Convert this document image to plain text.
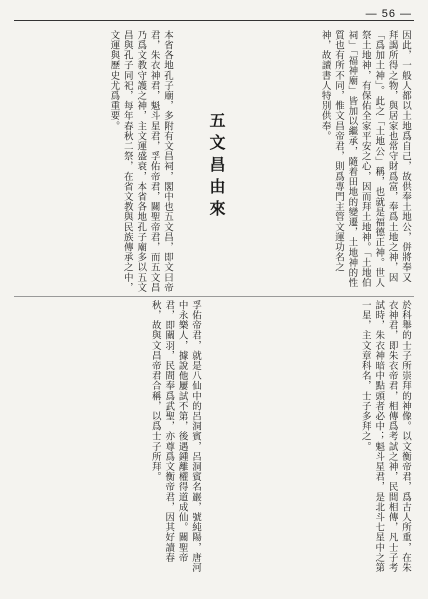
— 56 —
因此，一般人都以土地爲自己，故供奉土地公，併將奉又拜謁所得之物，與居家也常守財爲富，奉爲土地之神，因「爲加土神」。此之「土地公」稱，也就是福德正神。世人祭土地神，有保佑全家平安之心，因而拜土地神。「土地伯祠」「福神廟」皆加以繼承，隨着田地的變遷，土地神的性質也有所不同，惟文昌帝君，則爲專門主管文運功名之神，故讀書人特別供奉。
五文昌由來
本省各地孔子廟，多附有文昌祠，閣中也五文昌，即文曰帝君，朱衣神君，魁斗星君，孚佑帝君，關聖帝君，而五文昌乃爲文教守護之神，主文運盛衰，本省各地孔子廟多以五文昌與孔子同祀，每年春秋二祭，在省文教與民族傳承之中，文運與歷史尤爲重要。
於科舉的士子所崇拜的神像。以文衡帝君，爲古人所重，在朱衣神君，即朱衣帝君，相傳爲考試之神，民間相傳，凡士子考試時，朱衣神暗中點頭者必中；魁斗星君，是北斗七星中之第一星，主文章科名，士子多拜之。
孚佑帝君，就是八仙中的呂洞賓，呂洞賓名巖，號純陽，唐河中永樂人，據說他屢試不第，後遇鍾離權得道成仙。關聖帝君，即關羽，民間奉爲武聖，亦尊爲文衡帝君，因其好讀春秋，故與文昌帝君合稱，以爲士子所拜。
